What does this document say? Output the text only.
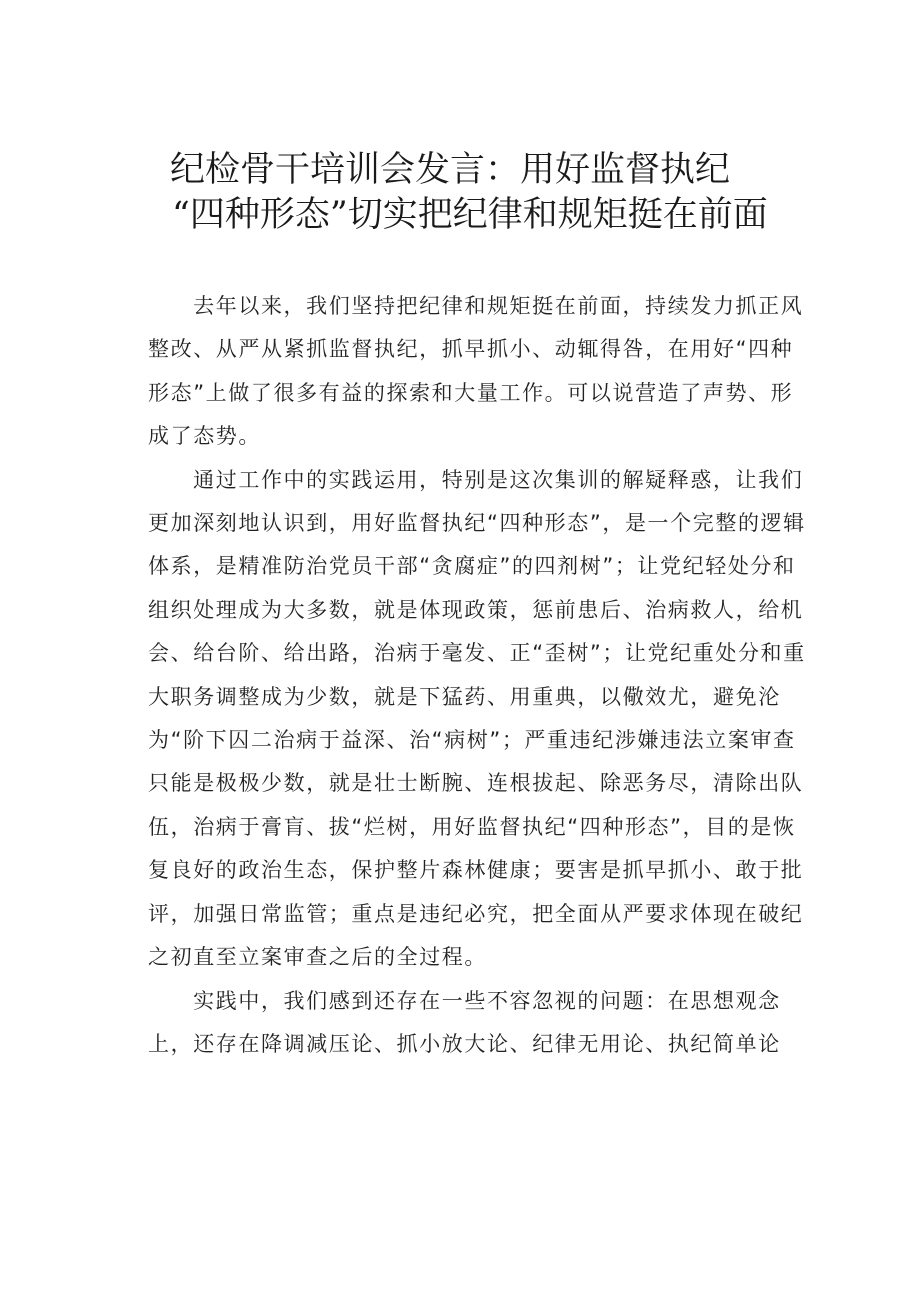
纪检骨干培训会发言：用好监督执纪
“四种形态”切实把纪律和规矩挺在前面

去年以来，我们坚持把纪律和规矩挺在前面，持续发力抓正风整改、从严从紧抓监督执纪，抓早抓小、动辄得咎，在用好“四种形态”上做了很多有益的探索和大量工作。可以说营造了声势、形成了态势。

通过工作中的实践运用，特别是这次集训的解疑释惑，让我们更加深刻地认识到，用好监督执纪“四种形态”，是一个完整的逻辑体系，是精准防治党员干部“贪腐症”的四剂树”；让党纪轻处分和组织处理成为大多数，就是体现政策，惩前患后、治病救人，给机会、给台阶、给出路，治病于毫发、正“歪树”；让党纪重处分和重大职务调整成为少数，就是下猛药、用重典，以儆效尤，避免沦为“阶下囚二治病于益深、治“病树”；严重违纪涉嫌违法立案审查只能是极极少数，就是壮士断腕、连根拔起、除恶务尽，清除出队伍，治病于膏肓、拔“烂树，用好监督执纪“四种形态”，目的是恢复良好的政治生态，保护整片森林健康；要害是抓早抓小、敢于批评，加强日常监管；重点是违纪必究，把全面从严要求体现在破纪之初直至立案审查之后的全过程。

实践中，我们感到还存在一些不容忽视的问题：在思想观念上，还存在降调减压论、抓小放大论、纪律无用论、执纪简单论
